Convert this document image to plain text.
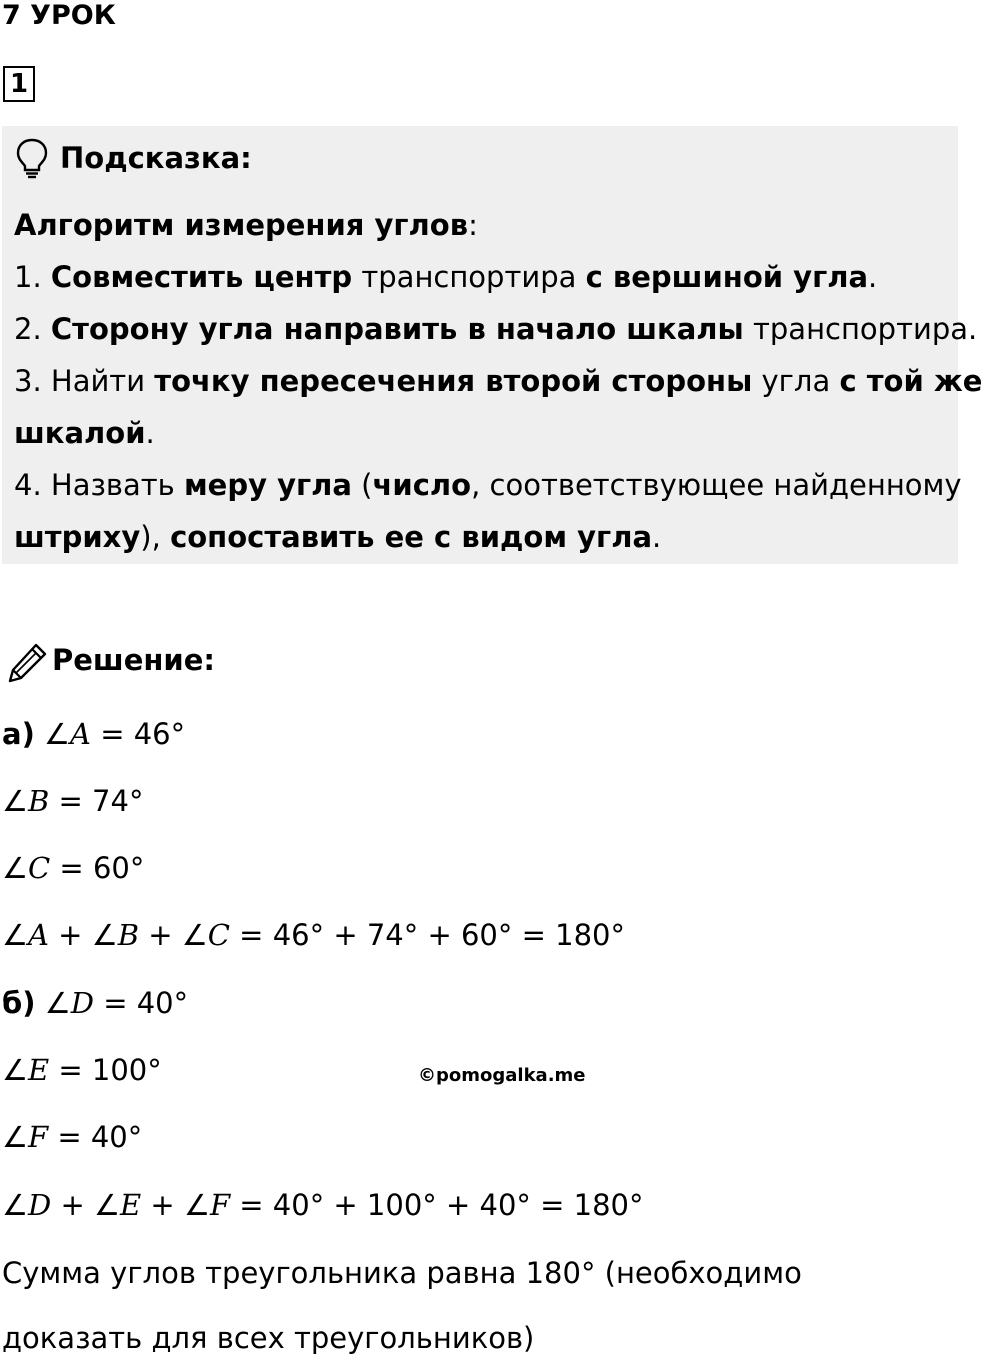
7 УРОК
1
Подсказка:
Алгоритм измерения углов:
1. Совместить центр транспортира с вершиной угла.
2. Сторону угла направить в начало шкалы транспортира.
3. Найти точку пересечения второй стороны угла с той же
шкалой.
4. Назвать меру угла (число, соответствующее найденному
штриху), сопоставить ее с видом угла.
Решение:
а) ∠A = 46°
∠B = 74°
∠C = 60°
∠A + ∠B + ∠C = 46° + 74° + 60° = 180°
б) ∠D = 40°
∠E = 100°
∠F = 40°
∠D + ∠E + ∠F = 40° + 100° + 40° = 180°
Сумма углов треугольника равна 180° (необходимо
доказать для всех треугольников)
©pomogalka.me
